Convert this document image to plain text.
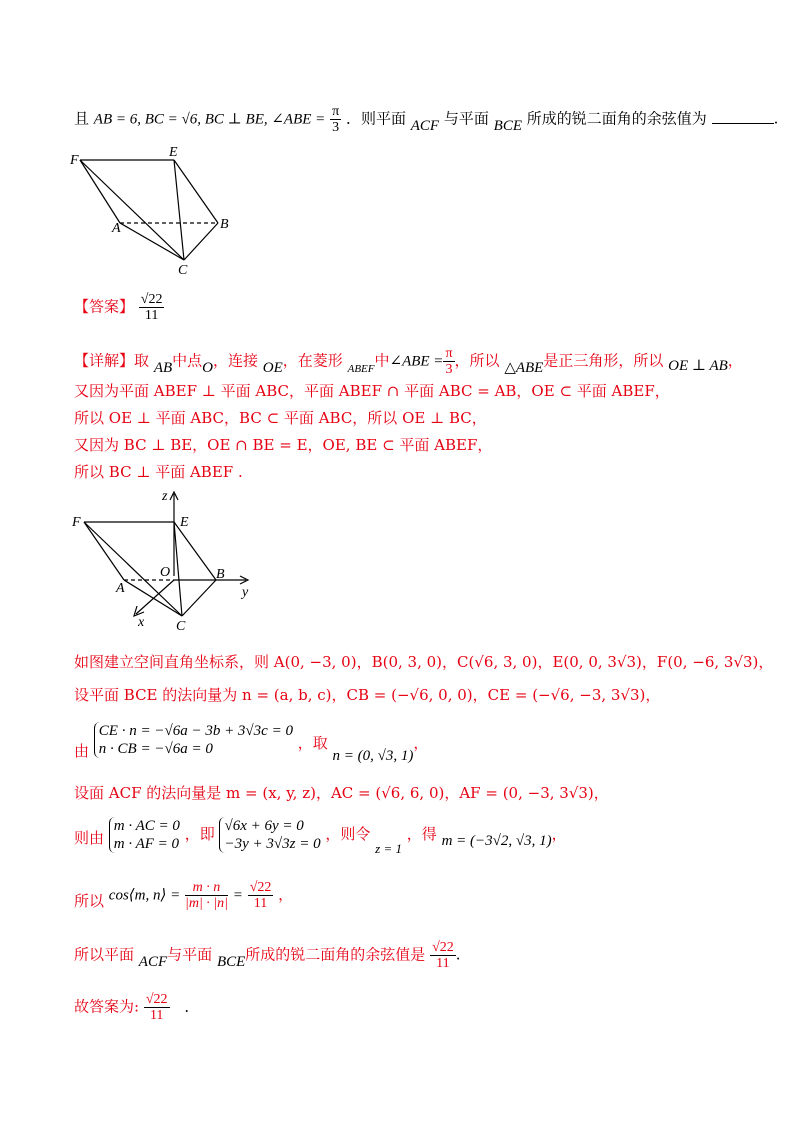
且 AB = 6, BC = √6, BC ⊥ BE, ∠ABE = $\frac{\pi}{3}$ ．则平面 ACF 与平面 BCE 所成的锐二面角的余弦值为	.
F
E
A	B
C
【答案】 $\frac{√22}{11}$
【详解】取 AB中点O，连接 OE，在菱形 $_{ABEF}$中∠ABE = $\frac{\pi}{3}$ ，所以 △ABE是正三角形，所以 OE ⊥ AB，
又因为平面 ABEF ⊥ 平面 ABC，平面 ABEF ∩ 平面 ABC = AB，OE ⊂ 平面 ABEF，
所以 OE ⊥ 平面 ABC，BC ⊂ 平面 ABC，所以 OE ⊥ BC，
又因为 BC ⊥ BE，OE ∩ BE = E，OE, BE ⊂ 平面 ABEF，
所以 BC ⊥ 平面 ABEF .
z
F	E
O
A
B
y
x C
如图建立空间直角坐标系，则 A(0, −3, 0)，B(0, 3, 0)，C(√6, 3, 0)，E(0, 0, 3√3)，F(0, −6, 3√3)，
设平面 BCE 的法向量为 n = (a, b, c)，CB = (−√6, 0, 0)，CE = (−√6, −3, 3√3)，
由
CE · n = −√6a − 3b + 3√3c = 0
n · CB = −√6a = 0	，取 n = (0, √3, 1)，
设面 ACF 的法向量是 m = (x, y, z)，AC = (√6, 6, 0)，AF = (0, −3, 3√3)，
则由
m · AC = 0
m · AF = 0
，即 √6x + 6y = 0
−3y + 3√3z = 0
，则令 z = 1 ，得 m = (−3√2, √3, 1)，
所以 cos⟨m, n⟩ = $\frac{m \cdot n}{|m| \cdot |n|} = \frac{√22}{11}$ ，
所以平面 ACF与平面 BCE所成的锐二面角的余弦值是 $\frac{√22}{11}$ .
故答案为: $\frac{√22}{11}$ .
